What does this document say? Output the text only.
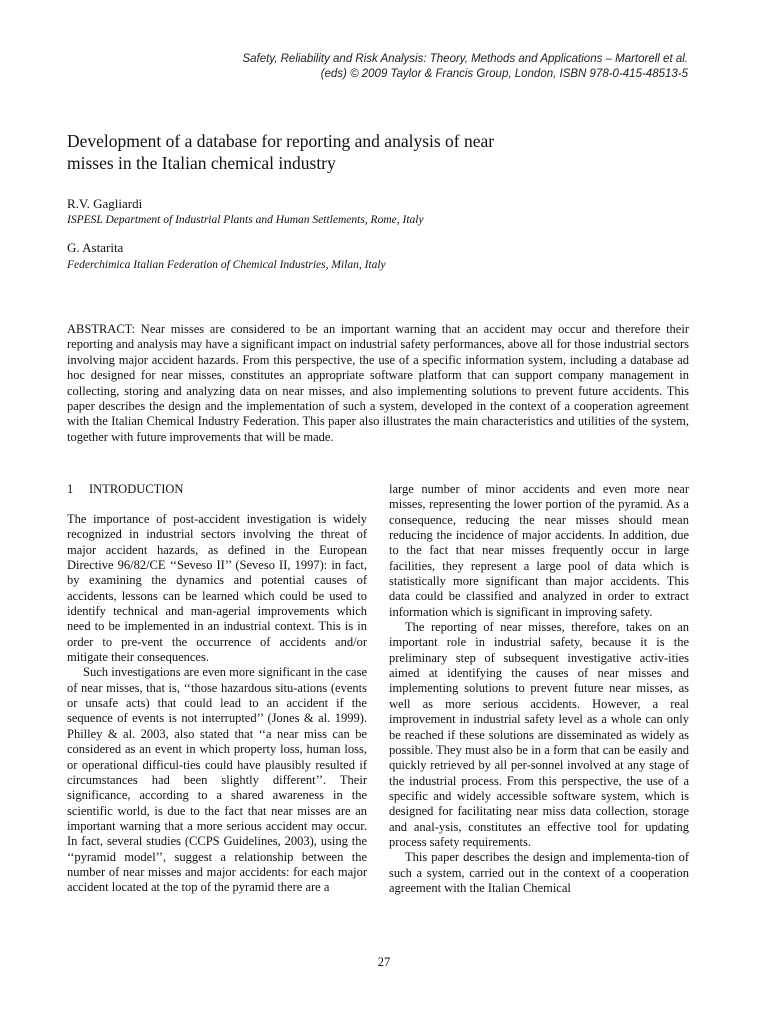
Safety, Reliability and Risk Analysis: Theory, Methods and Applications – Martorell et al.
(eds) © 2009 Taylor & Francis Group, London, ISBN 978-0-415-48513-5
Development of a database for reporting and analysis of near
misses in the Italian chemical industry
R.V. Gagliardi
ISPESL Department of Industrial Plants and Human Settlements, Rome, Italy
G. Astarita
Federchimica Italian Federation of Chemical Industries, Milan, Italy

ABSTRACT: Near misses are considered to be an important warning that an accident may occur and therefore their reporting and analysis may have a significant impact on industrial safety performances, above all for those industrial sectors involving major accident hazards. From this perspective, the use of a specific information system, including a database ad hoc designed for near misses, constitutes an appropriate software platform that can support company management in collecting, storing and analyzing data on near misses, and also implementing solutions to prevent future accidents. This paper describes the design and the implementation of such a system, developed in the context of a cooperation agreement with the Italian Chemical Industry Federation. This paper also illustrates the main characteristics and utilities of the system, together with future improvements that will be made.

1 INTRODUCTION

The importance of post-accident investigation is widely recognized in industrial sectors involving the threat of major accident hazards, as defined in the European Directive 96/82/CE ‘‘Seveso II’’ (Seveso II, 1997): in fact, by examining the dynamics and potential causes of accidents, lessons can be learned which could be used to identify technical and man-agerial improvements which need to be implemented in an industrial context. This is in order to pre-vent the occurrence of accidents and/or mitigate their consequences.

Such investigations are even more significant in the case of near misses, that is, ‘‘those hazardous situ-ations (events or unsafe acts) that could lead to an accident if the sequence of events is not interrupted’’ (Jones & al. 1999). Philley & al. 2003, also stated that ‘‘a near miss can be considered as an event in which property loss, human loss, or operational difficul-ties could have plausibly resulted if circumstances had been slightly different’’. Their significance, according to a shared awareness in the scientific world, is due to the fact that near misses are an important warning that a more serious accident may occur. In fact, several studies (CCPS Guidelines, 2003), using the ‘‘pyramid model’’, suggest a relationship between the number of near misses and major accidents: for each major accident located at the top of the pyramid there are a

large number of minor accidents and even more near misses, representing the lower portion of the pyramid. As a consequence, reducing the near misses should mean reducing the incidence of major accidents. In addition, due to the fact that near misses frequently occur in large facilities, they represent a large pool of data which is statistically more significant than major accidents. This data could be classified and analyzed in order to extract information which is significant in improving safety.

The reporting of near misses, therefore, takes on an important role in industrial safety, because it is the preliminary step of subsequent investigative activ-ities aimed at identifying the causes of near misses and implementing solutions to prevent future near misses, as well as more serious accidents. However, a real improvement in industrial safety level as a whole can only be reached if these solutions are disseminated as widely as possible. They must also be in a form that can be easily and quickly retrieved by all per-sonnel involved at any stage of the industrial process. From this perspective, the use of a specific and widely accessible software system, which is designed for facilitating near miss data collection, storage and anal-ysis, constitutes an effective tool for updating process safety requirements.

This paper describes the design and implementa-tion of such a system, carried out in the context of a cooperation agreement with the Italian Chemical

27
